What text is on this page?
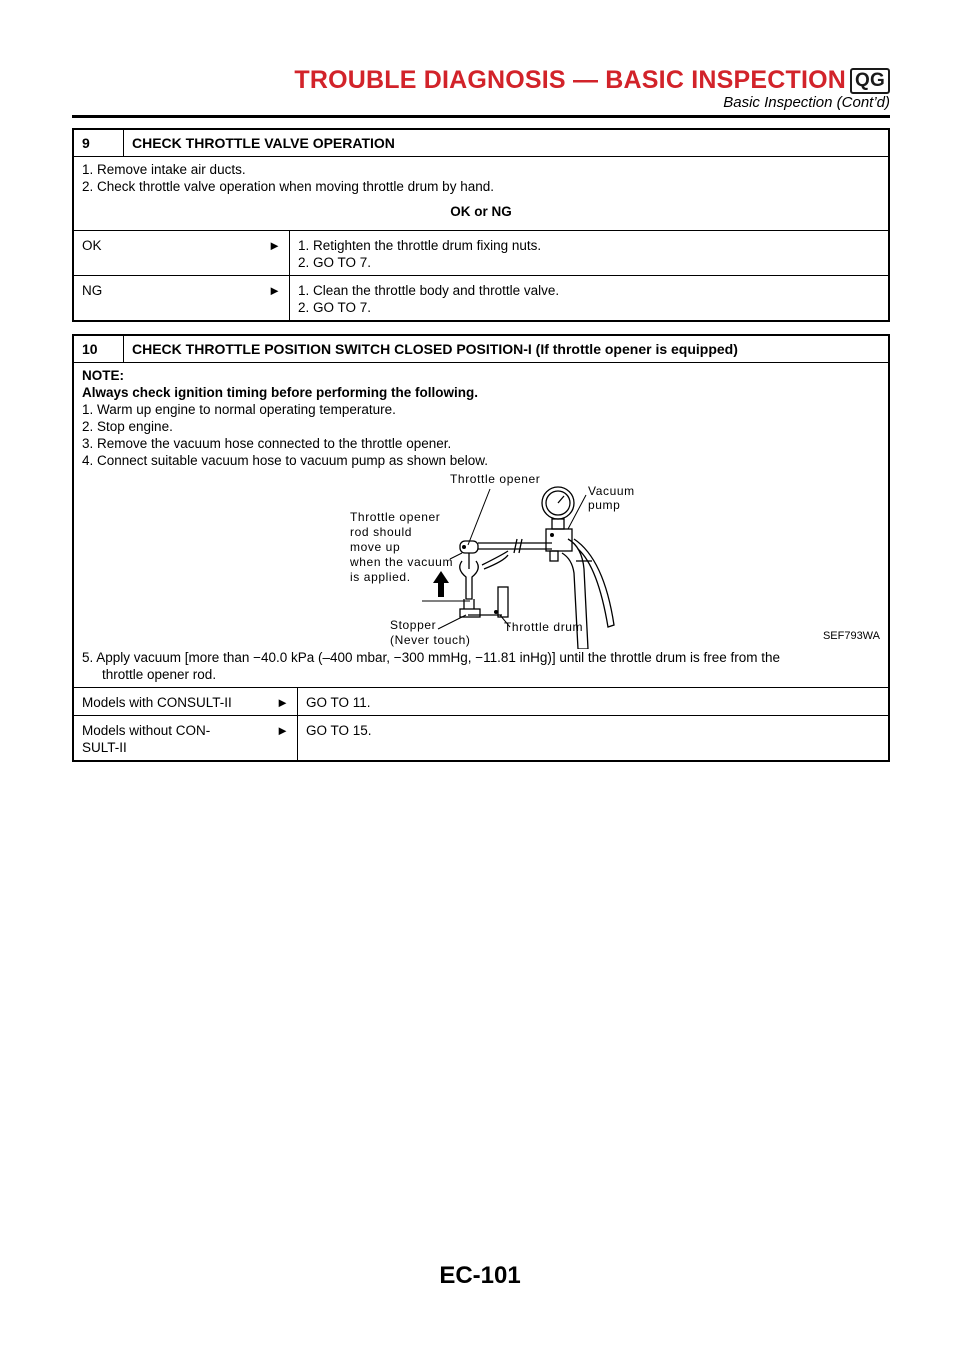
TROUBLE DIAGNOSIS — BASIC INSPECTION QG
Basic Inspection (Cont’d)
9	CHECK THROTTLE VALVE OPERATION
1. Remove intake air ducts.
2. Check throttle valve operation when moving throttle drum by hand.
OK or NG
OK	► 1. Retighten the throttle drum fixing nuts.
2. GO TO 7.
NG	► 1. Clean the throttle body and throttle valve.
2. GO TO 7.
10	CHECK THROTTLE POSITION SWITCH CLOSED POSITION-I (If throttle opener is equipped)
NOTE:
Always check ignition timing before performing the following.
1. Warm up engine to normal operating temperature.
2. Stop engine.
3. Remove the vacuum hose connected to the throttle opener.
4. Connect suitable vacuum hose to vacuum pump as shown below.
Throttle opener
Vacuum
pump
Throttle opener
rod should
move up
when the vacuum
is applied.
Stopper
(Never touch)
Throttle drum
SEF793WA
5. Apply vacuum [more than −40.0 kPa (–400 mbar, −300 mmHg, −11.81 inHg)] until the throttle drum is free from the
throttle opener rod.
Models with CONSULT-II	►	GO TO 11.
Models without CON-
SULT-II
►	GO TO 15.
EC-101
